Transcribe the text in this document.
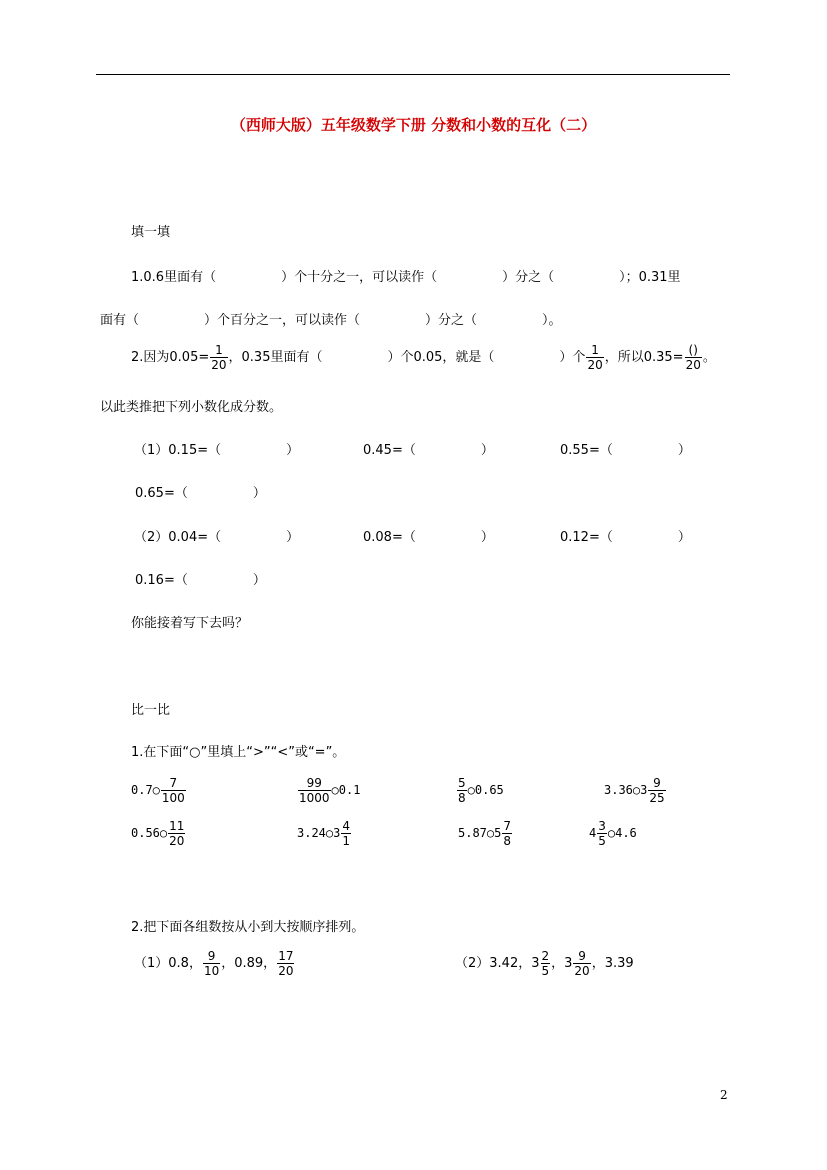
（西师大版）五年级数学下册 分数和小数的互化（二）
填一填
1.0.6里面有（　　　　　）个十分之一，可以读作（　　　　　）分之（　　　　　）；0.31里
面有（　　　　　）个百分之一，可以读作（　　　　　）分之（　　　　　）。
2.因为$0.05= \frac{1}{20}$ ，0.35里面有（　　　　　）个0.05，就是（　　　　　）个 $\frac{1}{20}$ ，所以$0.35= \frac{()}{20}$ 。
以此类推把下列小数化成分数。
（1）0.15=（　　　　　）	0.45=（　　　　　）	0.55=（　　　　　）
0.65=（　　　　　）
（2）0.04=（　　　　　）	0.08=（　　　　　）	0.12=（　　　　　）
0.16=（　　　　　）
你能接着写下去吗？
比一比
1.在下面“○”里填上“>”“<”或“=”。
0.7○ $\frac{7}{100}$	$\frac{99}{1000}$ ○0.1	$\frac{5}{8}$ ○0.65	3.36○3 $\frac{9}{25}$
0.56○ $\frac{11}{20}$	3.24○3 $\frac{4}{1}$	5.87○5 $\frac{7}{8}$	$4 \frac{3}{5}$ ○4.6
2.把下面各组数按从小到大按顺序排列。
（1）0.8， $\frac{9}{10}$ ，0.89， $\frac{17}{20}$	（2）3.42，$3 \frac{2}{5}$ ，$3 \frac{9}{20}$ ，3.39
2
